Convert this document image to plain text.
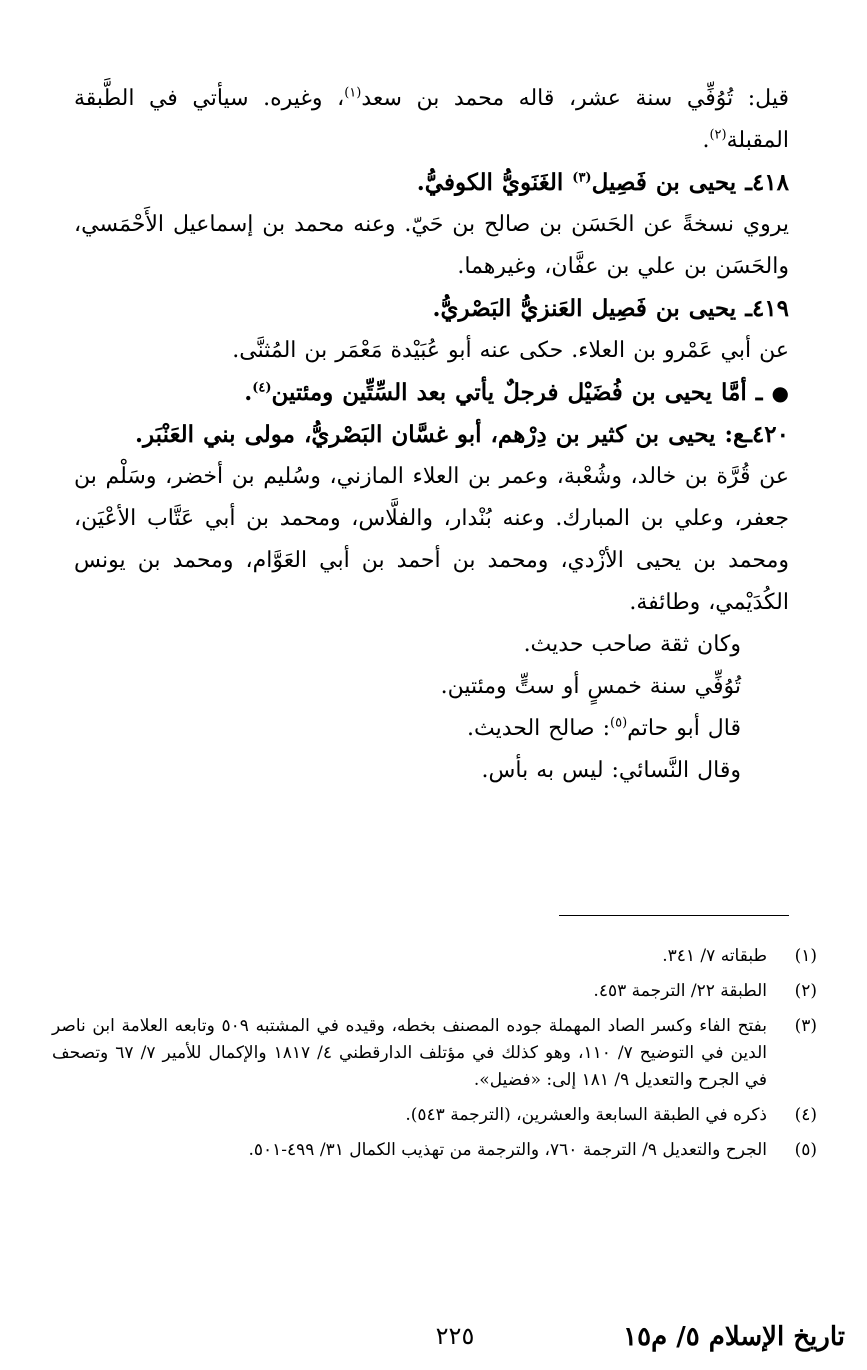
قيل: تُوُفِّي سنة عشر، قاله محمد بن سعد$^{(١)}$، وغيره. سيأتي في الطَّبقة المقبلة$^{(٢)}$.

٤١٨ـ يحيى بن فَصِيل$^{(٣)}$ الغَنَويُّ الكوفيُّ.

يروي نسخةً عن الحَسَن بن صالح بن حَيّ. وعنه محمد بن إسماعيل الأَحْمَسي، والحَسَن بن علي بن عفَّان، وغيرهما.

٤١٩ـ يحيى بن فَصِيل العَنزيُّ البَصْريُّ.

عن أبي عَمْرو بن العلاء. حكى عنه أبو عُبَيْدة مَعْمَر بن المُثنَّى.

● ـ أمَّا يحيى بن فُضَيْل فرجلٌ يأتي بعد السِّتِّين ومئتين$^{(٤)}$.

٤٢٠ـع: يحيى بن كثير بن دِرْهم، أبو غسَّان البَصْريُّ، مولى بني العَنْبَر.

عن قُرَّة بن خالد، وشُعْبة، وعمر بن العلاء المازني، وسُليم بن أخضر، وسَلْم بن جعفر، وعلي بن المبارك. وعنه بُنْدار، والفلَّاس، ومحمد بن أبي عَتَّاب الأعْيَن، ومحمد بن يحيى الأزْدي، ومحمد بن أحمد بن أبي العَوَّام، ومحمد بن يونس الكُدَيْمي، وطائفة.

وكان ثقة صاحب حديث.

تُوُفِّي سنة خمسٍ أو ستٍّ ومئتين.

قال أبو حاتم$^{(٥)}$: صالح الحديث.

وقال النَّسائي: ليس به بأس.

(١)
طبقاته ٧/ ٣٤١.
(٢)
الطبقة ٢٢/ الترجمة ٤٥٣.
(٣)
بفتح الفاء وكسر الصاد المهملة جوده المصنف بخطه، وقيده في المشتبه ٥٠٩ وتابعه العلامة ابن ناصر الدين في التوضيح ٧/ ١١٠، وهو كذلك في مؤتلف الدارقطني ٤/ ١٨١٧ والإكمال للأمير ٧/ ٦٧ وتصحف في الجرح والتعديل ٩/ ١٨١ إلى: «فضيل».
(٤)
ذكره في الطبقة السابعة والعشرين، (الترجمة ٥٤٣).
(٥)
الجرح والتعديل ٩/ الترجمة ٧٦٠، والترجمة من تهذيب الكمال ٣١/ ٤٩٩-٥٠١.
تاريخ الإسلام ٥/ م١٥
٢٢٥
